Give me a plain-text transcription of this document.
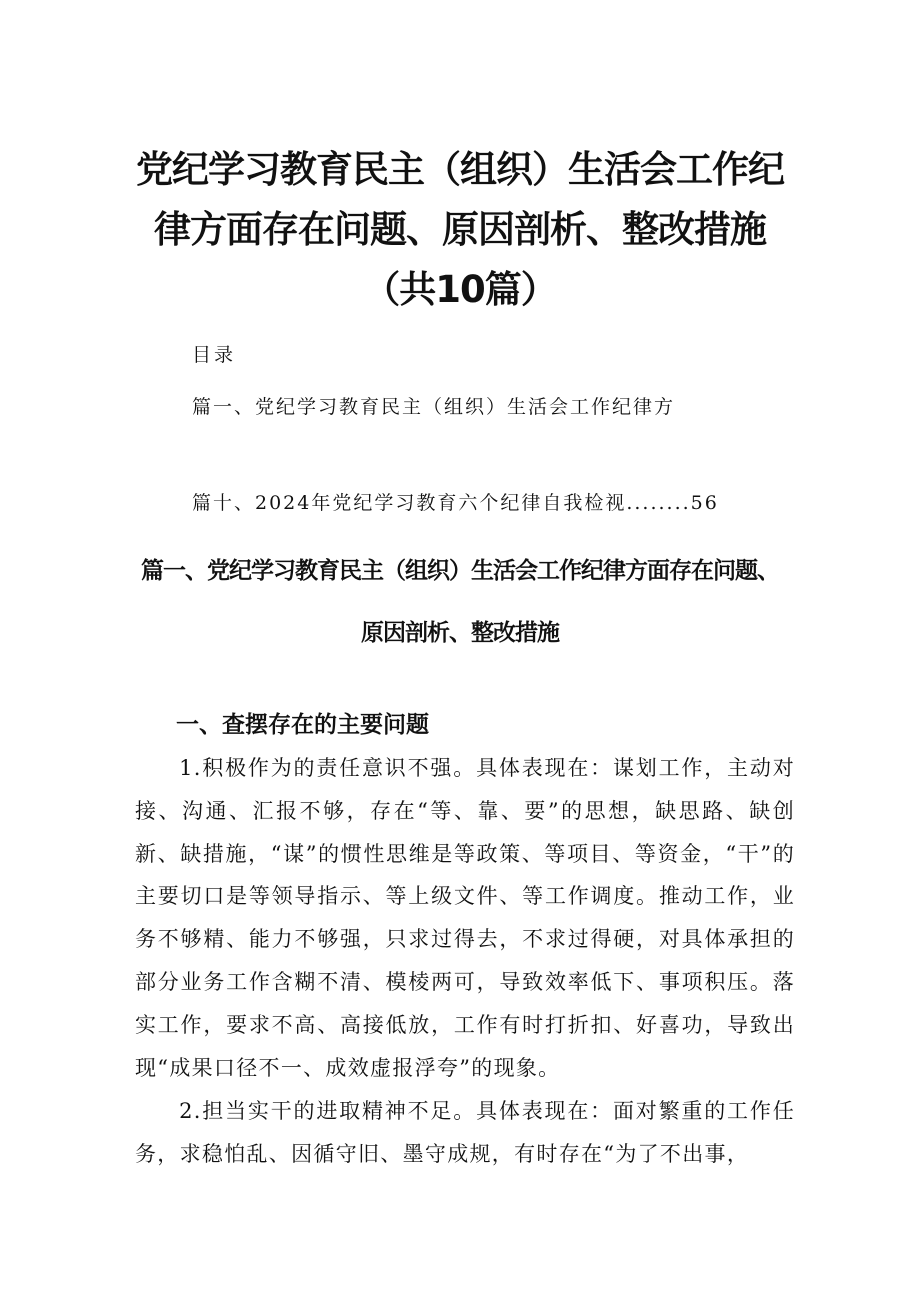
党纪学习教育民主（组织）生活会工作纪律方面存在问题、原因剖析、整改措施（共10篇）

目录

篇一、党纪学习教育民主（组织）生活会工作纪律方

篇十、2024年党纪学习教育六个纪律自我检视........56

篇一、党纪学习教育民主（组织）生活会工作纪律方面存在问题、原因剖析、整改措施
一、查摆存在的主要问题

1.积极作为的责任意识不强。具体表现在：谋划工作，主动对接、沟通、汇报不够，存在“等、靠、要”的思想，缺思路、缺创新、缺措施，“谋”的惯性思维是等政策、等项目、等资金，“干”的主要切口是等领导指示、等上级文件、等工作调度。推动工作，业务不够精、能力不够强，只求过得去，不求过得硬，对具体承担的部分业务工作含糊不清、模棱两可，导致效率低下、事项积压。落实工作，要求不高、高接低放，工作有时打折扣、好喜功，导致出现“成果口径不一、成效虚报浮夸”的现象。

2.担当实干的进取精神不足。具体表现在：面对繁重的工作任务，求稳怕乱、因循守旧、墨守成规，有时存在“为了不出事，
